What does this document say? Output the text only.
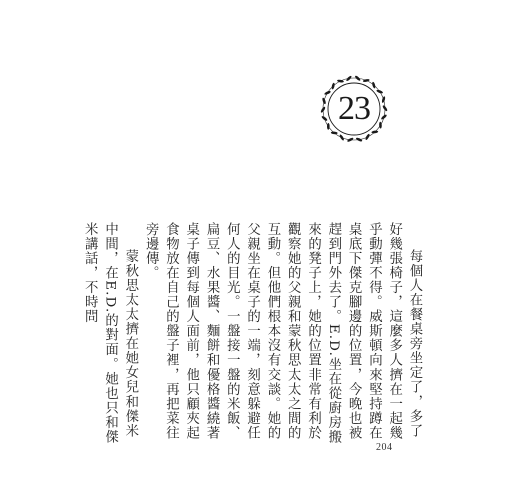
23

每個人在餐桌旁坐定了，多了好幾張椅子，這麼多人擠在一起幾乎動彈不得。威斯頓向來堅持蹲在桌底下傑克腳邊的位置，今晚也被趕到門外去了。E.D.坐在從廚房搬來的凳子上，她的位置非常有利於觀察她的父親和蒙秋思太太之間的互動。但他們根本沒有交談。她的父親坐在桌子的一端，刻意躲避任何人的目光。一盤接一盤的米飯、扁豆、水果醬、麵餅和優格醬繞著桌子傳到每個人面前，他只顧夾起食物放在自己的盤子裡，再把菜往旁邊傳。

蒙秋思太太擠在她女兒和傑米中間，在E.D.的對面。她也只和傑米講話，不時問

204
